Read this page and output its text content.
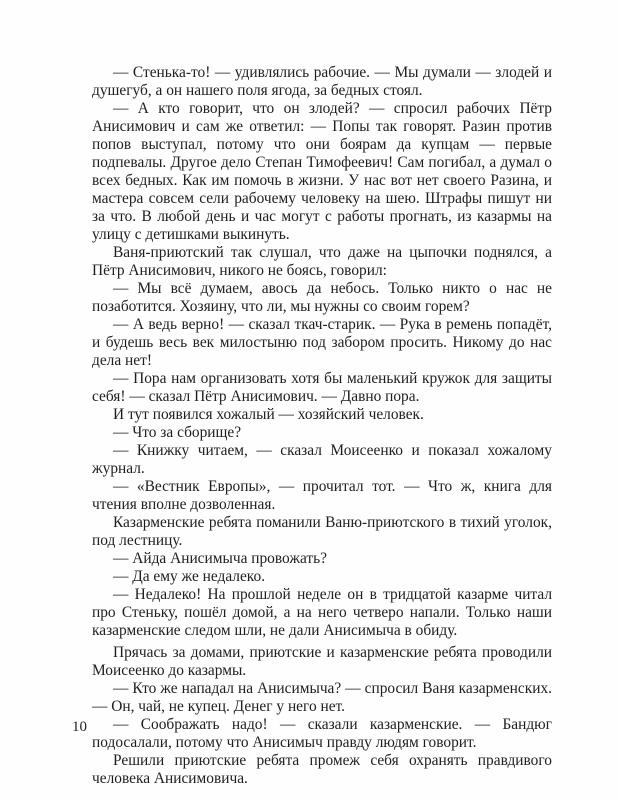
— Стенька-то! — удивлялись рабочие. — Мы думали — злодей и душегуб, а он нашего поля ягода, за бедных стоял.

— А кто говорит, что он злодей? — спросил рабочих Пётр Анисимович и сам же ответил: — Попы так говорят. Разин против попов выступал, потому что они боярам да купцам — первые подпевалы. Другое дело Степан Тимофеевич! Сам погибал, а думал о всех бедных. Как им помочь в жизни. У нас вот нет своего Разина, и мастера совсем сели рабочему человеку на шею. Штрафы пишут ни за что. В любой день и час могут с работы прогнать, из казармы на улицу с детишками выкинуть.

Ваня-приютский так слушал, что даже на цыпочки поднялся, а Пётр Анисимович, никого не боясь, говорил:

— Мы всё думаем, авось да небось. Только никто о нас не позаботится. Хозяину, что ли, мы нужны со своим горем?

— А ведь верно! — сказал ткач-старик. — Рука в ремень попадёт, и будешь весь век милостыню под забором просить. Никому до нас дела нет!

— Пора нам организовать хотя бы маленький кружок для защиты себя! — сказал Пётр Анисимович. — Давно пора.

И тут появился хожалый — хозяйский человек.

— Что за сборище?

— Книжку читаем, — сказал Моисеенко и показал хожалому журнал.

— «Вестник Европы», — прочитал тот. — Что ж, книга для чтения вполне дозволенная.

Казарменские ребята поманили Ваню-приютского в тихий уголок, под лестницу.

— Айда Анисимыча провожать?

— Да ему же недалеко.

— Недалеко! На прошлой неделе он в тридцатой казарме читал про Стеньку, пошёл домой, а на него четверо напали. Только наши казарменские следом шли, не дали Анисимыча в обиду.

Прячась за домами, приютские и казарменские ребята проводили Моисеенко до казармы.

— Кто же нападал на Анисимыча? — спросил Ваня казарменских. — Он, чай, не купец. Денег у него нет.

— Соображать надо! — сказали казарменские. — Бандюг подосалали, потому что Анисимыч правду людям говорит.

Решили приютские ребята промеж себя охранять правдивого человека Анисимовича.

10
